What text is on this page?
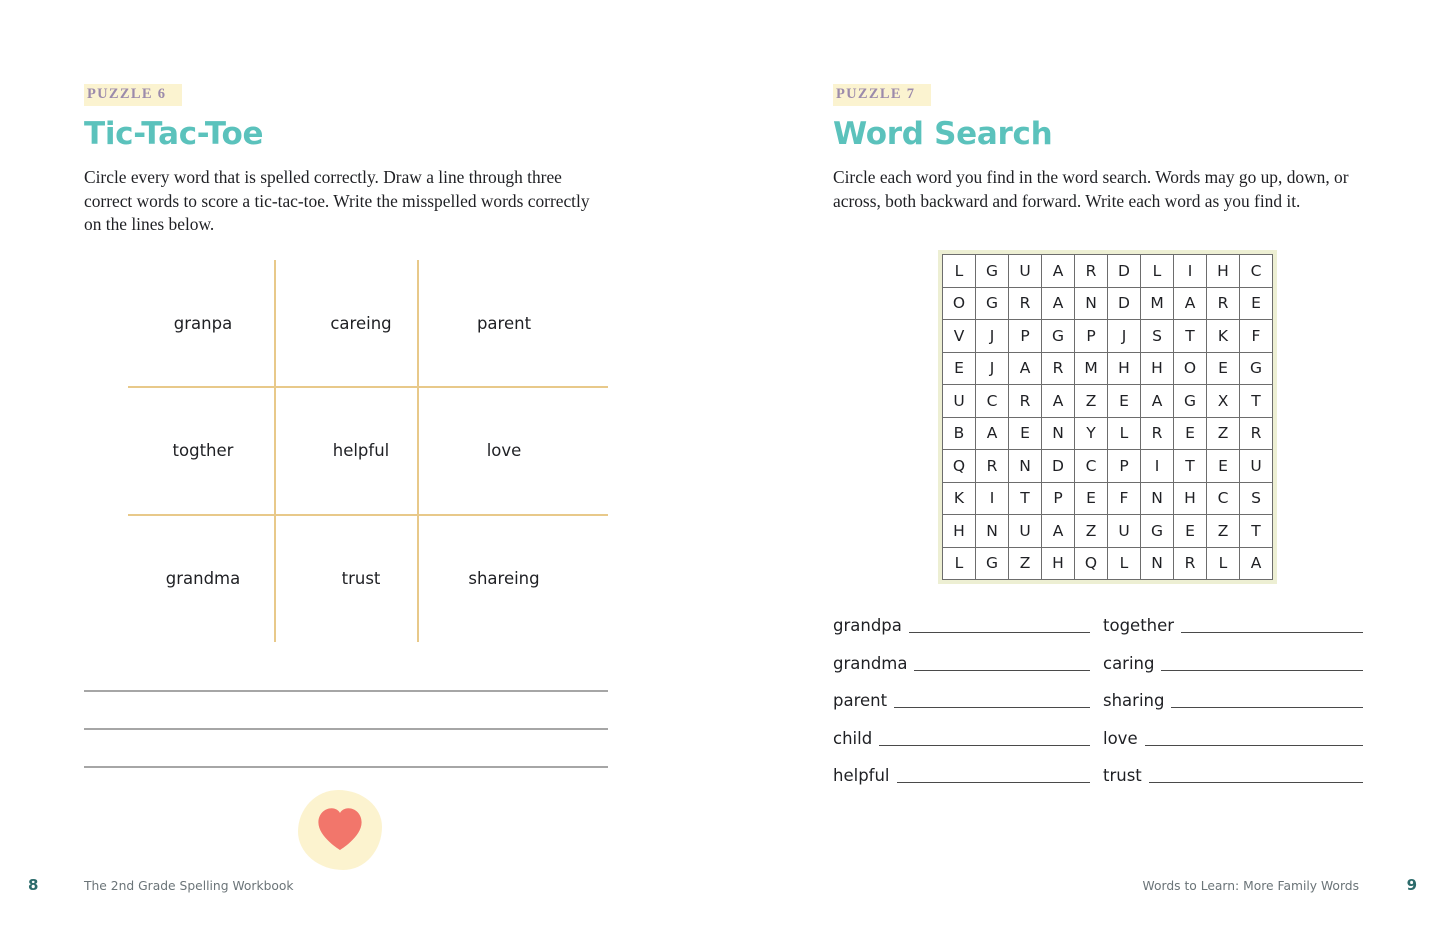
PUZZLE 6
Tic-Tac-Toe
Circle every word that is spelled correctly. Draw a line through three correct words to score a tic-tac-toe. Write the misspelled words correctly on the lines below.
granpa	careing	parent
togther	helpful	love
grandma	trust	shareing
8	The 2nd Grade Spelling Workbook
PUZZLE 7
Word Search
Circle each word you find in the word search. Words may go up, down, or across, both backward and forward. Write each word as you find it.
9
Words to Learn: More Family Words
L	G	U	A	R	D	L	I	H	C
O	G	R	A	N	D	M	A	R	E
V	J	P	G	P	J	S	T	K	F
E	J	A	R	M	H	H	O	E	G
U	C	R	A	Z	E	A	G	X	T
B	A	E	N	Y	L	R	E	Z	R
Q	R	N	D	C	P	I	T	E	U
K	I	T	P	E	F	N	H	C	S
H	N	U	A	Z	U	G	E	Z	T
L	G	Z	H	Q	L	N	R	L	A
grandpa	together
grandma	caring
parent	sharing
child	love
helpful	trust
